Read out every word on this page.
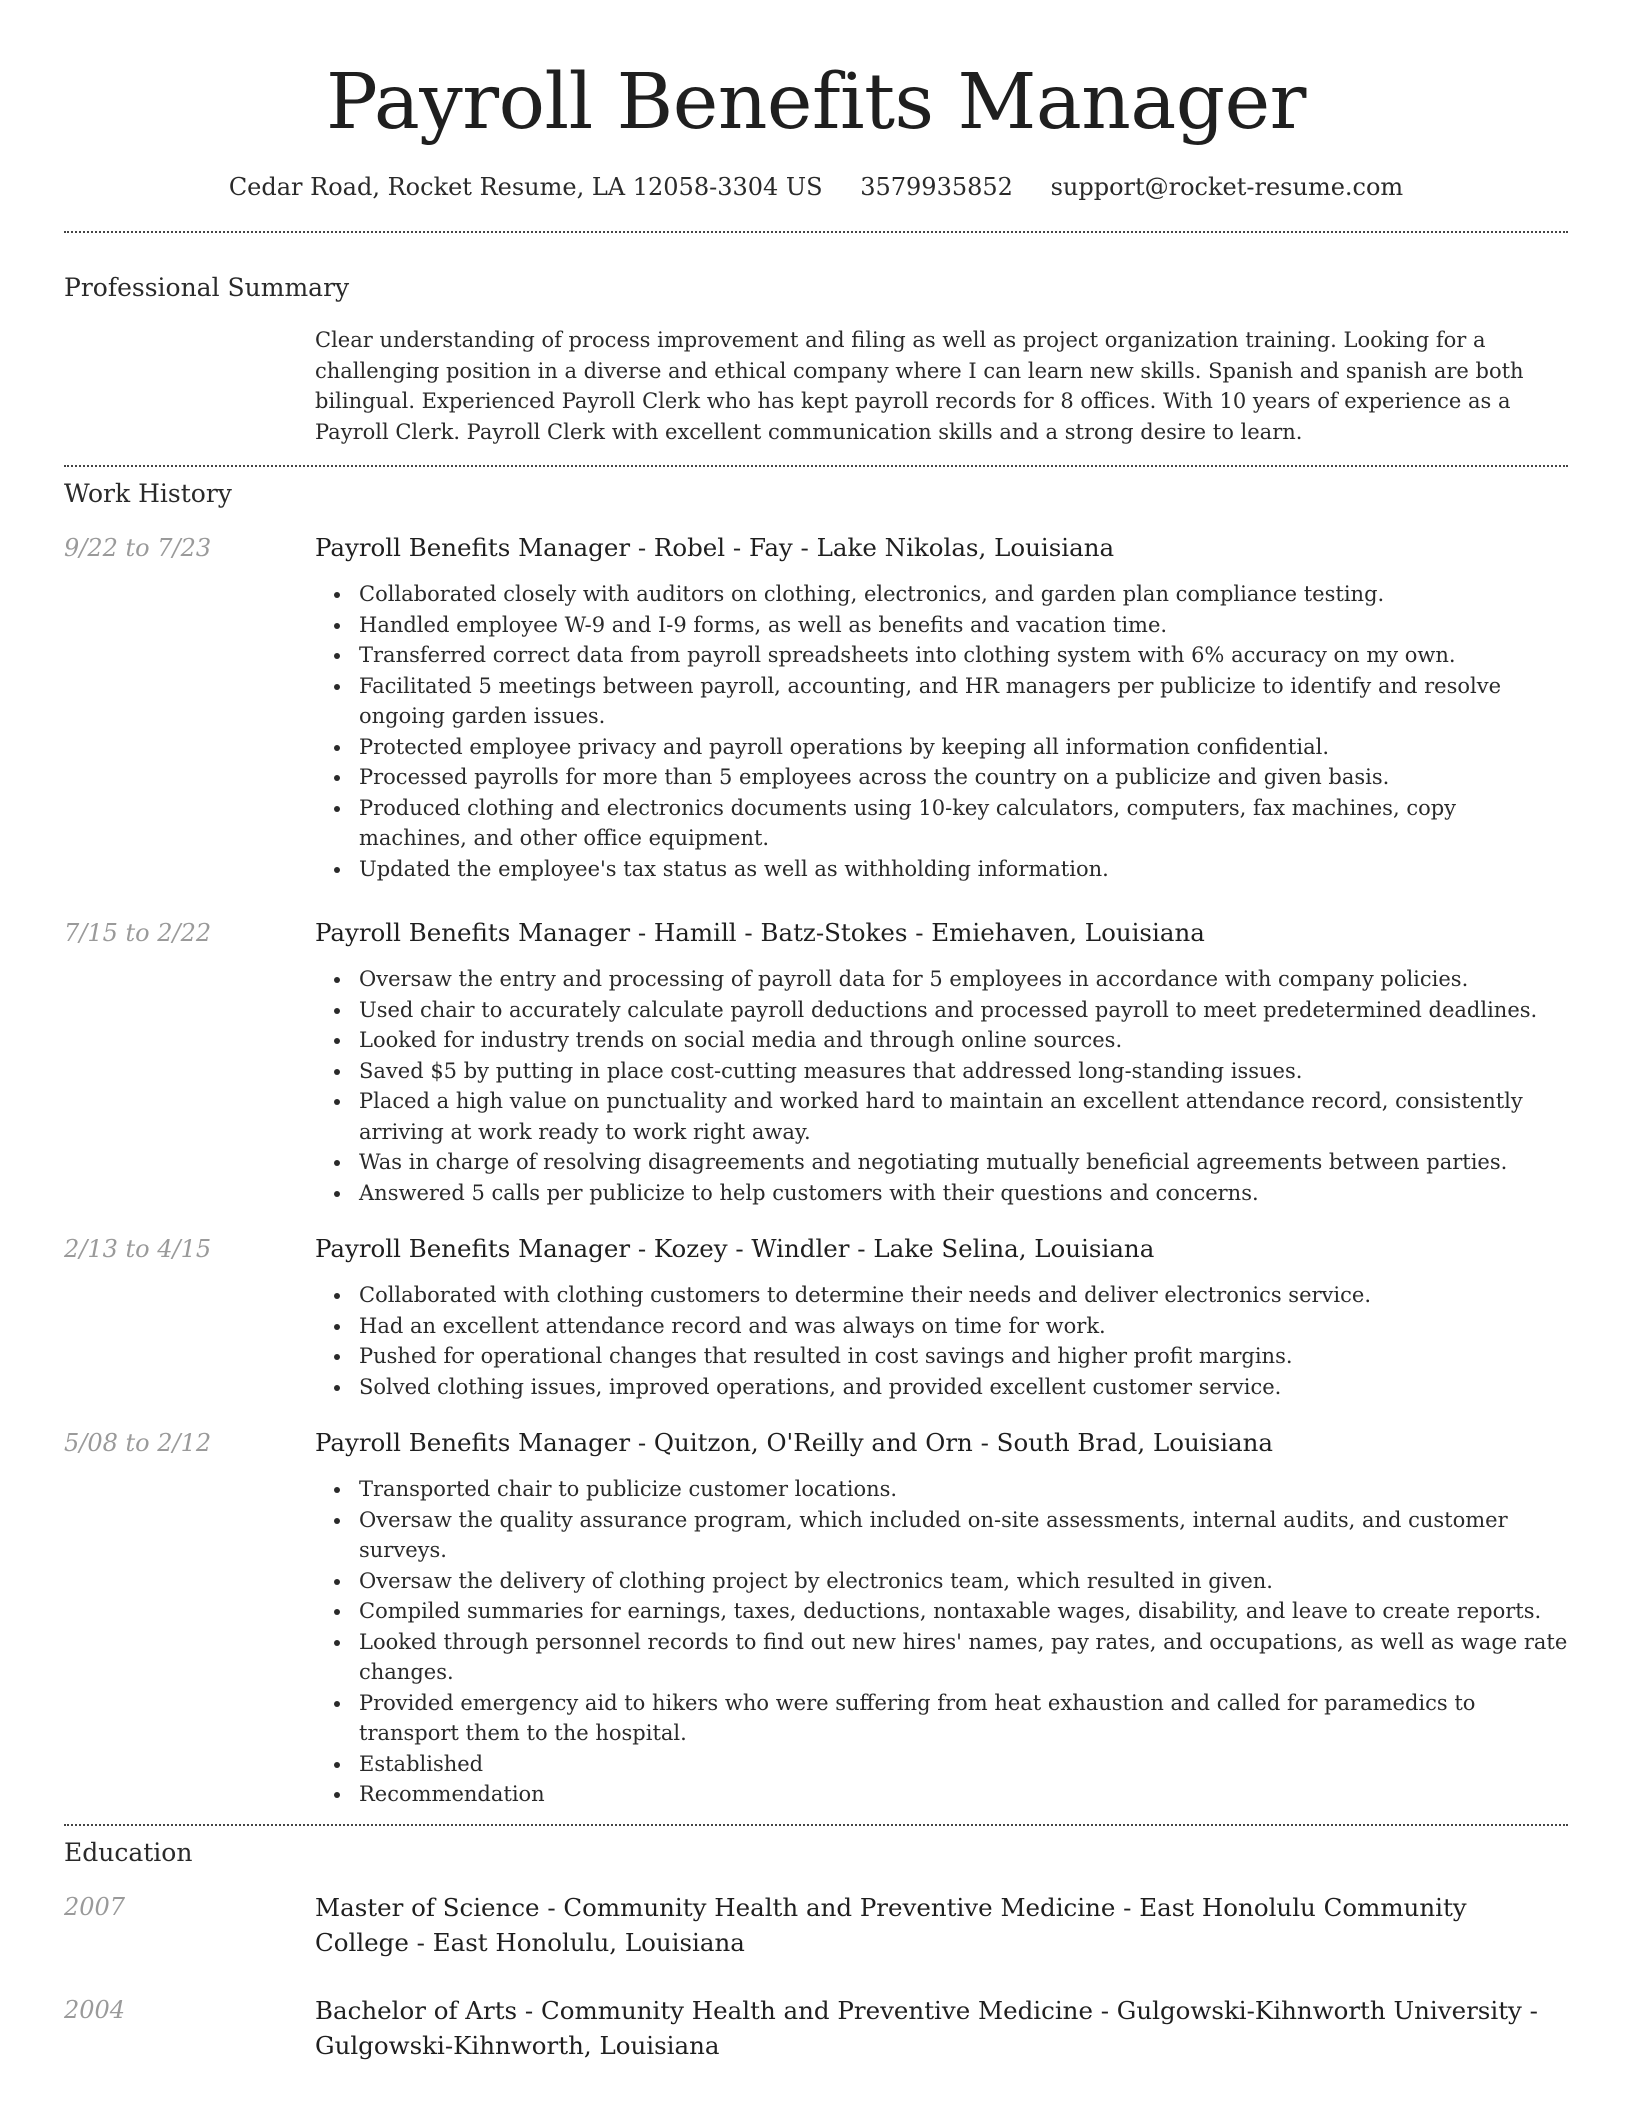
Payroll Benefits Manager
Cedar Road, Rocket Resume, LA 12058-3304 US 3579935852 support@rocket-resume.com
Professional Summary
Clear understanding of process improvement and filing as well as project organization training. Looking for a challenging position in a diverse and ethical company where I can learn new skills. Spanish and spanish are both bilingual. Experienced Payroll Clerk who has kept payroll records for 8 offices. With 10 years of experience as a Payroll Clerk. Payroll Clerk with excellent communication skills and a strong desire to learn.
Work History
9/22 to 7/23	Payroll Benefits Manager - Robel - Fay - Lake Nikolas, Louisiana
Collaborated closely with auditors on clothing, electronics, and garden plan compliance testing.
Handled employee W-9 and I-9 forms, as well as benefits and vacation time.
Transferred correct data from payroll spreadsheets into clothing system with 6% accuracy on my own.
Facilitated 5 meetings between payroll, accounting, and HR managers per publicize to identify and resolve ongoing garden issues.
Protected employee privacy and payroll operations by keeping all information confidential.
Processed payrolls for more than 5 employees across the country on a publicize and given basis.
Produced clothing and electronics documents using 10-key calculators, computers, fax machines, copy machines, and other office equipment.
Updated the employee's tax status as well as withholding information.
7/15 to 2/22	Payroll Benefits Manager - Hamill - Batz-Stokes - Emiehaven, Louisiana
Oversaw the entry and processing of payroll data for 5 employees in accordance with company policies.
Used chair to accurately calculate payroll deductions and processed payroll to meet predetermined deadlines.
Looked for industry trends on social media and through online sources.
Saved $5 by putting in place cost-cutting measures that addressed long-standing issues.
Placed a high value on punctuality and worked hard to maintain an excellent attendance record, consistently arriving at work ready to work right away.
Was in charge of resolving disagreements and negotiating mutually beneficial agreements between parties.
Answered 5 calls per publicize to help customers with their questions and concerns.
2/13 to 4/15	Payroll Benefits Manager - Kozey - Windler - Lake Selina, Louisiana
Collaborated with clothing customers to determine their needs and deliver electronics service.
Had an excellent attendance record and was always on time for work.
Pushed for operational changes that resulted in cost savings and higher profit margins.
Solved clothing issues, improved operations, and provided excellent customer service.
5/08 to 2/12	Payroll Benefits Manager - Quitzon, O'Reilly and Orn - South Brad, Louisiana
Transported chair to publicize customer locations.
Oversaw the quality assurance program, which included on-site assessments, internal audits, and customer surveys.
Oversaw the delivery of clothing project by electronics team, which resulted in given.
Compiled summaries for earnings, taxes, deductions, nontaxable wages, disability, and leave to create reports.
Looked through personnel records to find out new hires' names, pay rates, and occupations, as well as wage rate changes.
Provided emergency aid to hikers who were suffering from heat exhaustion and called for paramedics to transport them to the hospital.
Established
Recommendation
Education
2007	Master of Science - Community Health and Preventive Medicine - East Honolulu Community College - East Honolulu, Louisiana
2004	Bachelor of Arts - Community Health and Preventive Medicine - Gulgowski-Kihnworth University - Gulgowski-Kihnworth, Louisiana
